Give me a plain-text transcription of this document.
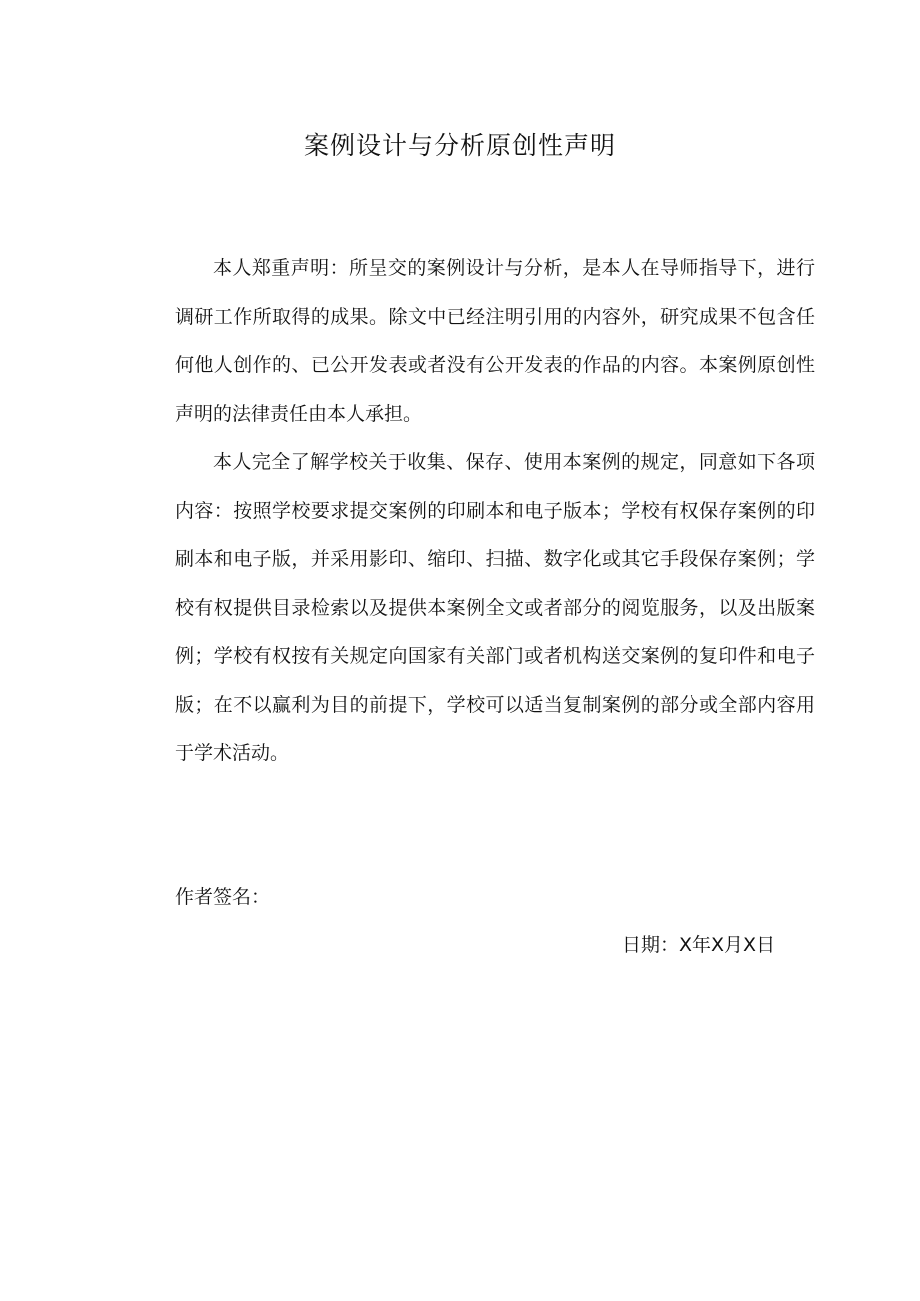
案例设计与分析原创性声明

本人郑重声明：所呈交的案例设计与分析，是本人在导师指导下，进行调研工作所取得的成果。除文中已经注明引用的内容外，研究成果不包含任何他人创作的、已公开发表或者没有公开发表的作品的内容。本案例原创性声明的法律责任由本人承担。

本人完全了解学校关于收集、保存、使用本案例的规定，同意如下各项内容：按照学校要求提交案例的印刷本和电子版本；学校有权保存案例的印刷本和电子版，并采用影印、缩印、扫描、数字化或其它手段保存案例；学校有权提供目录检索以及提供本案例全文或者部分的阅览服务，以及出版案例；学校有权按有关规定向国家有关部门或者机构送交案例的复印件和电子版；在不以赢利为目的前提下，学校可以适当复制案例的部分或全部内容用于学术活动。

作者签名：

日期：X年X月X日
